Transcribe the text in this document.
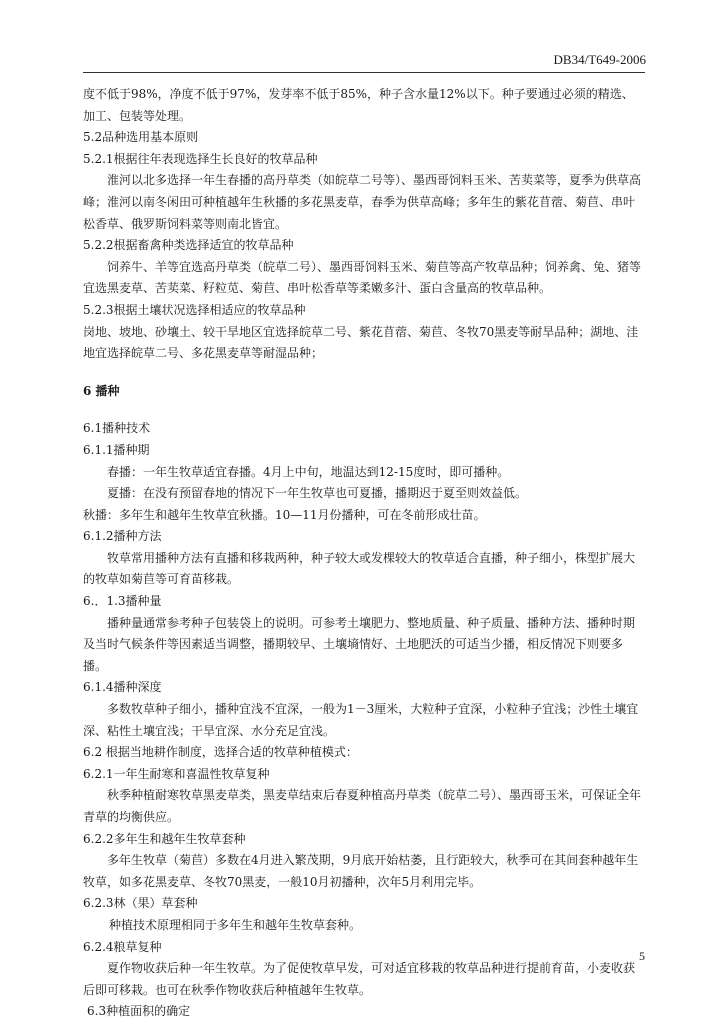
DB34/T649-2006

度不低于98%，净度不低于97%，发芽率不低于85%，种子含水量12%以下。种子要通过必须的精选、加工、包装等处理。

5.2品种选用基本原则

5.2.1根据往年表现选择生长良好的牧草品种

淮河以北多选择一年生春播的高丹草类（如皖草二号等）、墨西哥饲料玉米、苦荬菜等，夏季为供草高峰；淮河以南冬闲田可种植越年生秋播的多花黑麦草，春季为供草高峰；多年生的紫花苜蓿、菊苣、串叶松香草、俄罗斯饲料菜等则南北皆宜。

5.2.2根据畜禽种类选择适宜的牧草品种

饲养牛、羊等宜选高丹草类（皖草二号）、墨西哥饲料玉米、菊苣等高产牧草品种；饲养禽、兔、猪等宜选黑麦草、苦荬菜、籽粒苋、菊苣、串叶松香草等柔嫩多汁、蛋白含量高的牧草品种。

5.2.3根据土壤状况选择相适应的牧草品种

岗地、坡地、砂壤土、较干旱地区宜选择皖草二号、紫花苜蓿、菊苣、冬牧70黑麦等耐旱品种；湖地、洼地宜选择皖草二号、多花黑麦草等耐湿品种；

6 播种

6.1播种技术

6.1.1播种期

春播：一年生牧草适宜春播。4月上中旬，地温达到12-15度时，即可播种。

夏播：在没有预留春地的情况下一年生牧草也可夏播，播期迟于夏至则效益低。

秋播：多年生和越年生牧草宜秋播。10—11月份播种，可在冬前形成壮苗。

6.1.2播种方法

牧草常用播种方法有直播和移栽两种，种子较大或发棵较大的牧草适合直播，种子细小，株型扩展大的牧草如菊苣等可育苗移栽。

6.．1.3播种量

播种量通常参考种子包装袋上的说明。可参考土壤肥力、整地质量、种子质量、播种方法、播种时期及当时气候条件等因素适当调整，播期较早、土壤墒情好、土地肥沃的可适当少播，相反情况下则要多播。

6.1.4播种深度

多数牧草种子细小，播种宜浅不宜深，一般为1－3厘米，大粒种子宜深，小粒种子宜浅；沙性土壤宜深、粘性土壤宜浅；干旱宜深、水分充足宜浅。

6.2 根据当地耕作制度，选择合适的牧草种植模式：

6.2.1一年生耐寒和喜温性牧草复种

秋季种植耐寒牧草黑麦草类，黑麦草结束后春夏种植高丹草类（皖草二号）、墨西哥玉米，可保证全年青草的均衡供应。

6.2.2多年生和越年生牧草套种

多年生牧草（菊苣）多数在4月进入繁茂期，9月底开始枯萎，且行距较大，秋季可在其间套种越年生牧草，如多花黑麦草、冬牧70黑麦，一般10月初播种，次年5月利用完毕。

6.2.3林（果）草套种

种植技术原理相同于多年生和越年生牧草套种。

6.2.4粮草复种

夏作物收获后种一年生牧草。为了促使牧草早发，可对适宜移栽的牧草品种进行提前育苗，小麦收获后即可移栽。也可在秋季作物收获后种植越年生牧草。

6.3种植面积的确定

5
